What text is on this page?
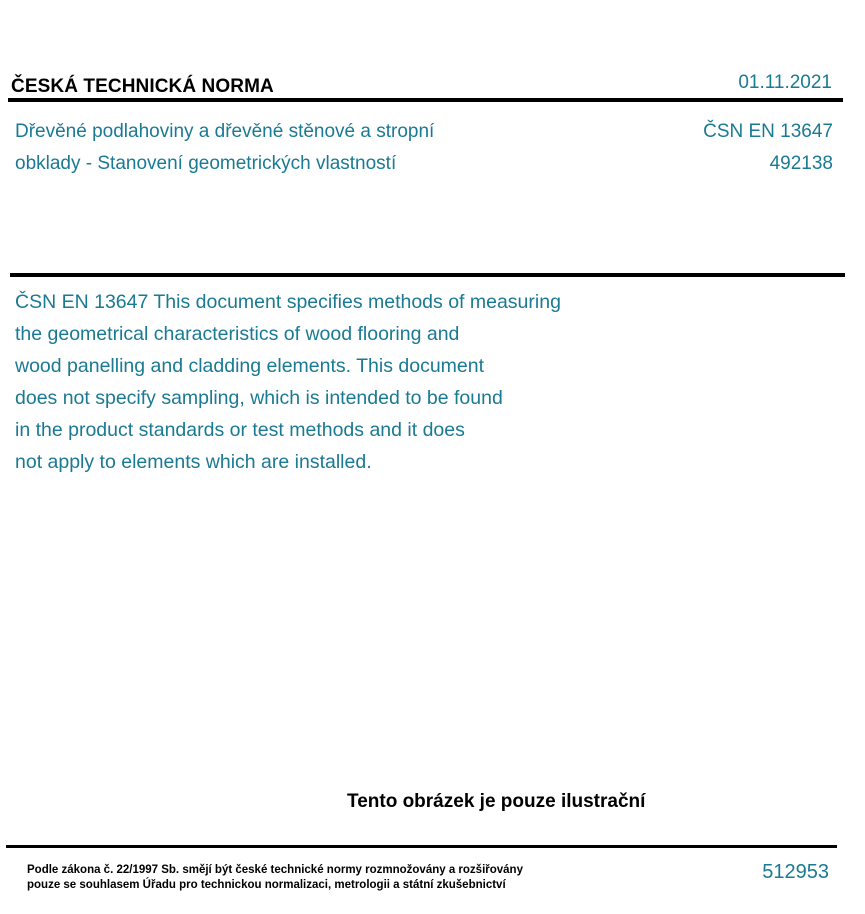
ČESKÁ TECHNICKÁ NORMA	01.11.2021
Dřevěné podlahoviny a dřevěné stěnové a stropní
obklady - Stanovení geometrických vlastností
ČSN EN 13647
492138
ČSN EN 13647 This document specifies methods of measuring
the geometrical characteristics of wood flooring and
wood panelling and cladding elements. This document
does not specify sampling, which is intended to be found
in the product standards or test methods and it does
not apply to elements which are installed.
Tento obrázek je pouze ilustrační
Podle zákona č. 22/1997 Sb. smějí být české technické normy rozmnožovány a rozšiřovány
pouze se souhlasem Úřadu pro technickou normalizaci, metrologii a státní zkušebnictví
512953
